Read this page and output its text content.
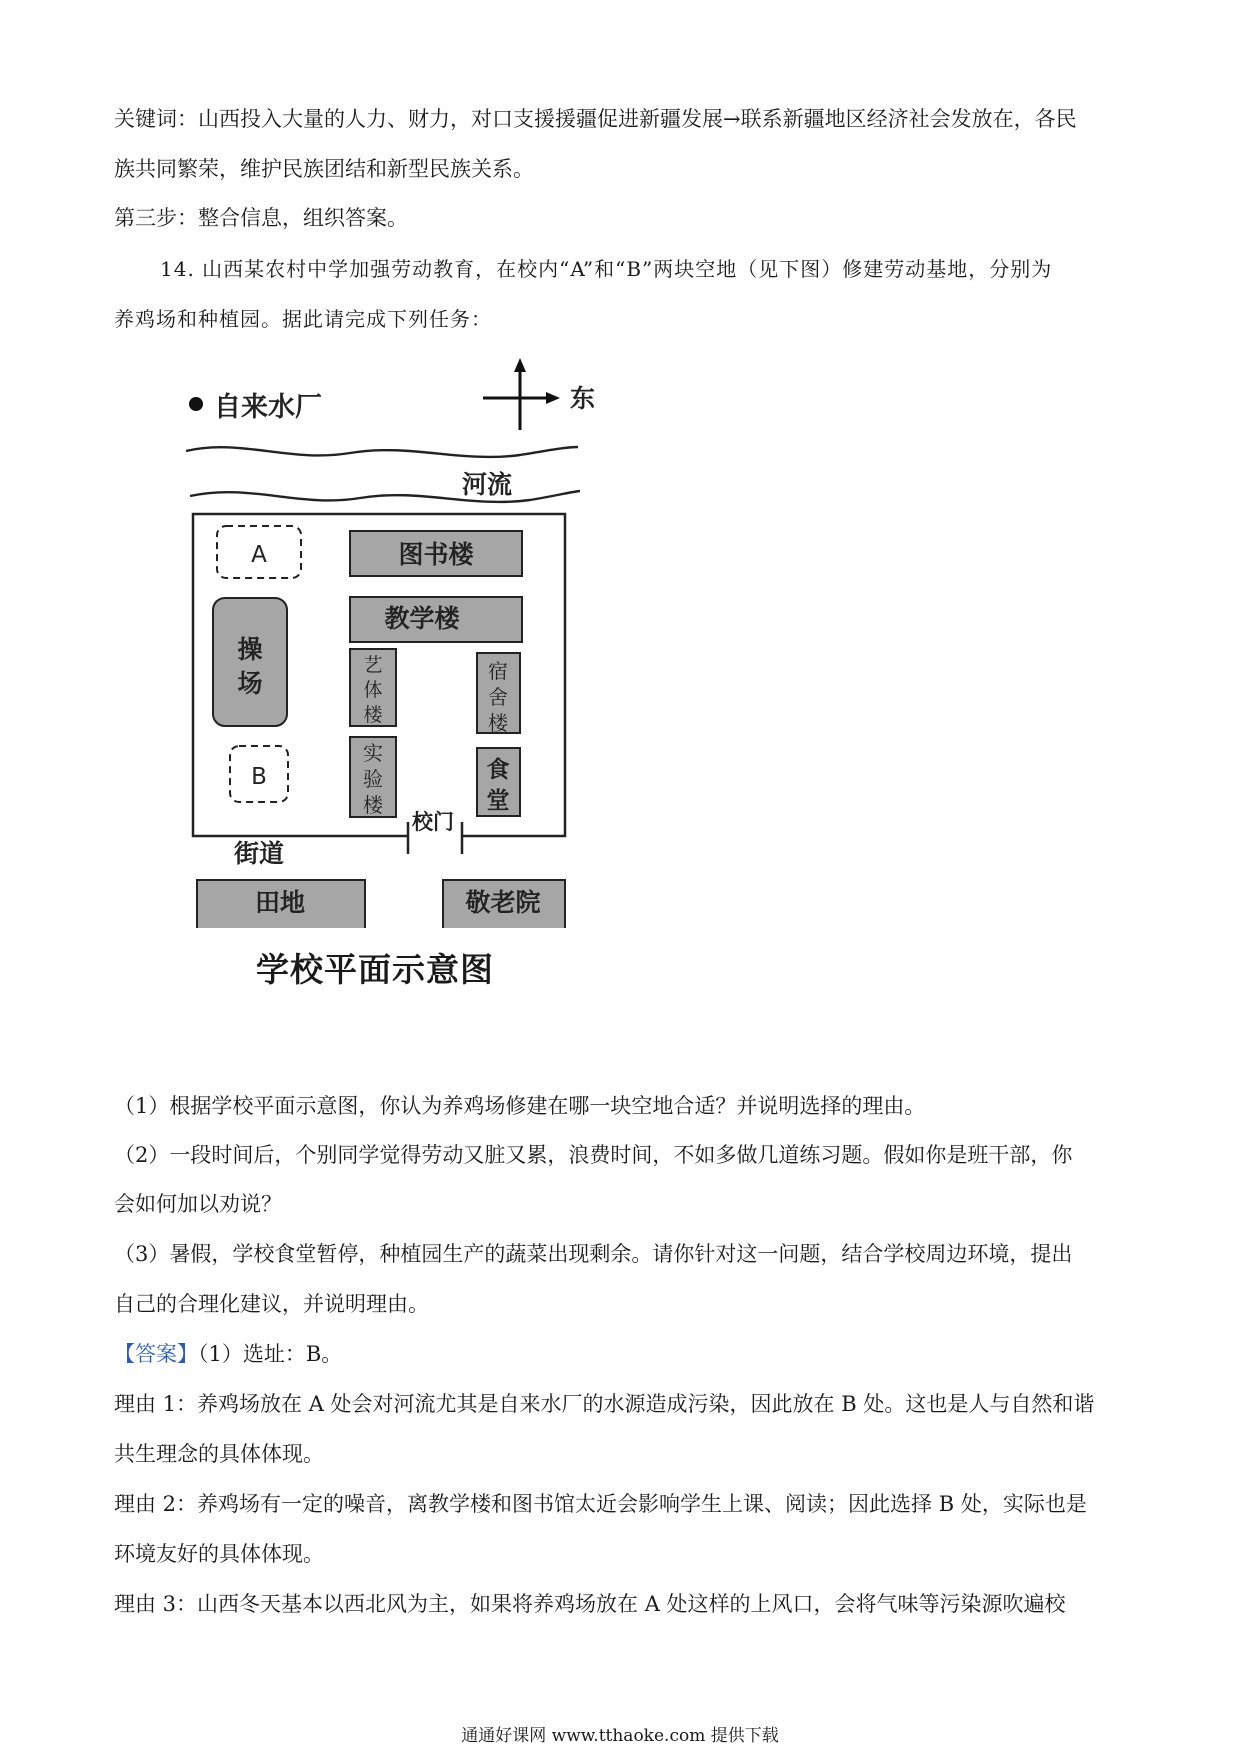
关键词：山西投入大量的人力、财力，对口支援援疆促进新疆发展→联系新疆地区经济社会发放在，各民
族共同繁荣，维护民族团结和新型民族关系。
第三步：整合信息，组织答案。
14. 山西某农村中学加强劳动教育，在校内“A”和“B”两块空地（见下图）修建劳动基地，分别为
养鸡场和种植园。据此请完成下列任务：
自来水厂	东
河流
校门
A
B
操
场
图书楼
教学楼
艺
体
楼
宿
舍
楼
实
验
楼
食
堂
街道
田地	敬老院
学校平面示意图
（1）根据学校平面示意图，你认为养鸡场修建在哪一块空地合适？并说明选择的理由。
（2）一段时间后，个别同学觉得劳动又脏又累，浪费时间，不如多做几道练习题。假如你是班干部，你
会如何加以劝说？
（3）暑假，学校食堂暂停，种植园生产的蔬菜出现剩余。请你针对这一问题，结合学校周边环境，提出
自己的合理化建议，并说明理由。
【答案】（1）选址：B。
理由 1：养鸡场放在 A 处会对河流尤其是自来水厂的水源造成污染，因此放在 B 处。这也是人与自然和谐
共生理念的具体体现。
理由 2：养鸡场有一定的噪音，离教学楼和图书馆太近会影响学生上课、阅读；因此选择 B 处，实际也是
环境友好的具体体现。
理由 3：山西冬天基本以西北风为主，如果将养鸡场放在 A 处这样的上风口，会将气味等污染源吹遍校
通通好课网 www.tthaoke.com 提供下载
